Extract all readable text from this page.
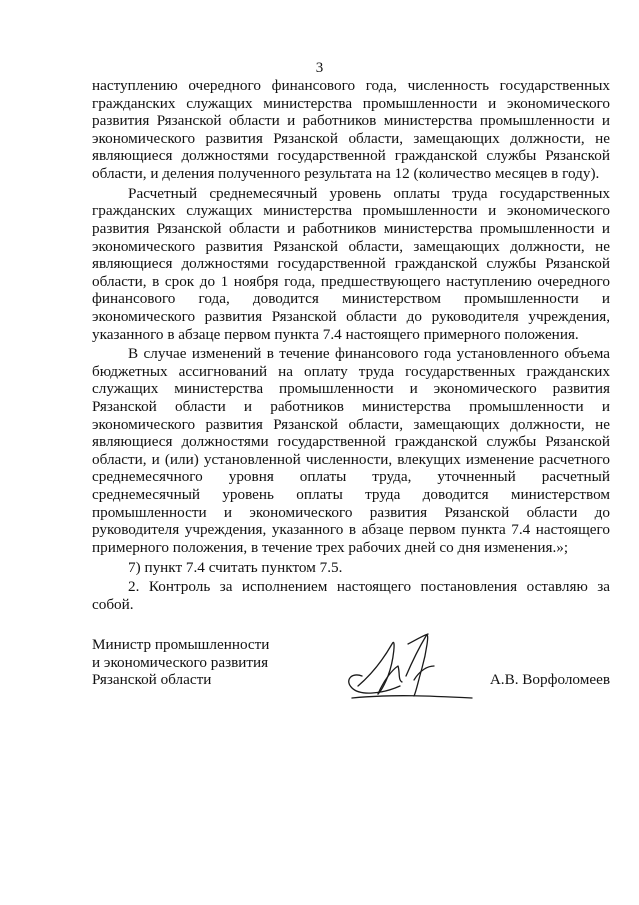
3

наступлению очередного финансового года, численность государственных гражданских служащих министерства промышленности и экономического развития Рязанской области и работников министерства промышленности и экономического развития Рязанской области, замещающих должности, не являющиеся должностями государственной гражданской службы Рязанской области, и деления полученного результата на 12 (количество месяцев в году).

Расчетный среднемесячный уровень оплаты труда государственных гражданских служащих министерства промышленности и экономического развития Рязанской области и работников министерства промышленности и экономического развития Рязанской области, замещающих должности, не являющиеся должностями государственной гражданской службы Рязанской области, в срок до 1 ноября года, предшествующего наступлению очередного финансового года, доводится министерством промышленности и экономического развития Рязанской области до руководителя учреждения, указанного в абзаце первом пункта 7.4 настоящего примерного положения.

В случае изменений в течение финансового года установленного объема бюджетных ассигнований на оплату труда государственных гражданских служащих министерства промышленности и экономического развития Рязанской области и работников министерства промышленности и экономического развития Рязанской области, замещающих должности, не являющиеся должностями государственной гражданской службы Рязанской области, и (или) установленной численности, влекущих изменение расчетного среднемесячного уровня оплаты труда, уточненный расчетный среднемесячный уровень оплаты труда доводится министерством промышленности и экономического развития Рязанской области до руководителя учреждения, указанного в абзаце первом пункта 7.4 настоящего примерного положения, в течение трех рабочих дней со дня изменения.»;

7) пункт 7.4 считать пунктом 7.5.

2. Контроль за исполнением настоящего постановления оставляю за собой.

Министр промышленности
и экономического развития
Рязанской области	А.В. Ворфоломеев
